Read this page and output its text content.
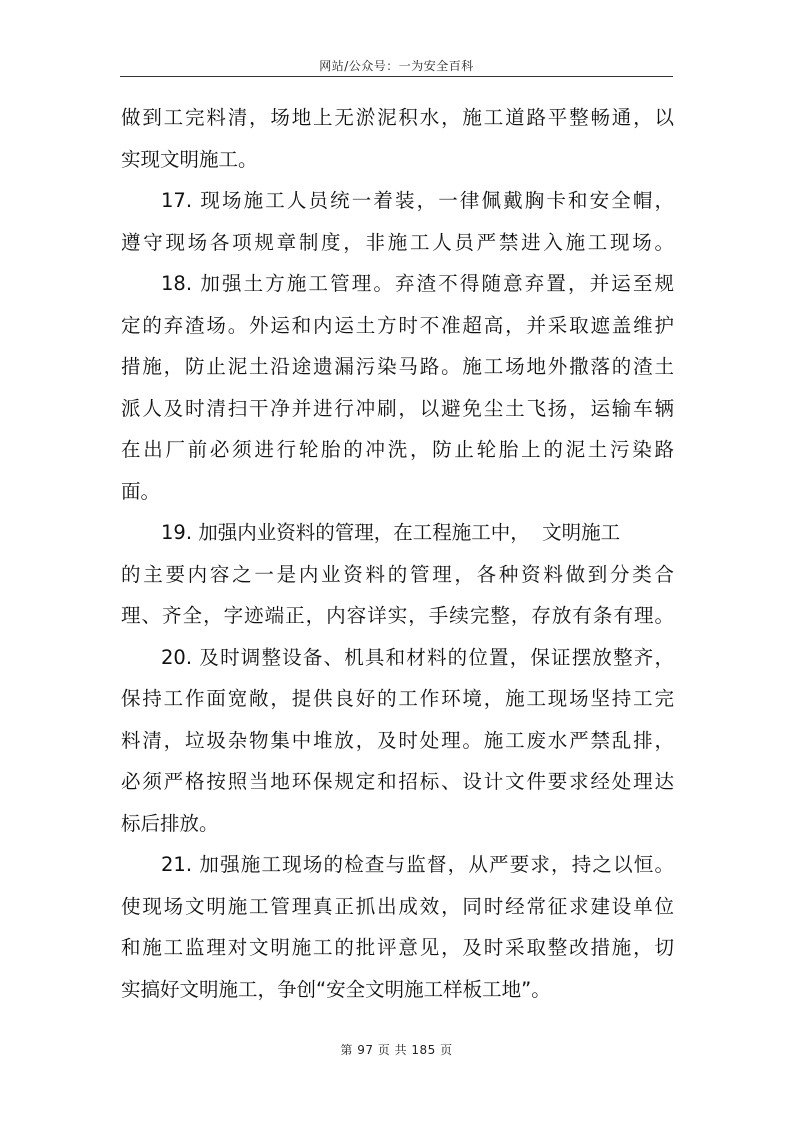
网站/公众号：一为安全百科
做到工完料清，场地上无淤泥积水，施工道路平整畅通，以
实现文明施工。
17. 现场施工人员统一着装，一律佩戴胸卡和安全帽，
遵守现场各项规章制度，非施工人员严禁进入施工现场。
18. 加强土方施工管理。弃渣不得随意弃置，并运至规
定的弃渣场。外运和内运土方时不准超高，并采取遮盖维护
措施，防止泥土沿途遗漏污染马路。施工场地外撒落的渣土
派人及时清扫干净并进行冲刷，以避免尘土飞扬，运输车辆
在出厂前必须进行轮胎的冲洗，防止轮胎上的泥土污染路
面。
19. 加强内业资料的管理，在工程施工中，  文明施工
的主要内容之一是内业资料的管理，各种资料做到分类合
理、齐全，字迹端正，内容详实，手续完整，存放有条有理。
20. 及时调整设备、机具和材料的位置，保证摆放整齐，
保持工作面宽敞，提供良好的工作环境，施工现场坚持工完
料清，垃圾杂物集中堆放，及时处理。施工废水严禁乱排，
必须严格按照当地环保规定和招标、设计文件要求经处理达
标后排放。
21. 加强施工现场的检查与监督，从严要求，持之以恒。
使现场文明施工管理真正抓出成效，同时经常征求建设单位
和施工监理对文明施工的批评意见，及时采取整改措施，切
实搞好文明施工，争创“安全文明施工样板工地”。
第 97 页 共 185 页
